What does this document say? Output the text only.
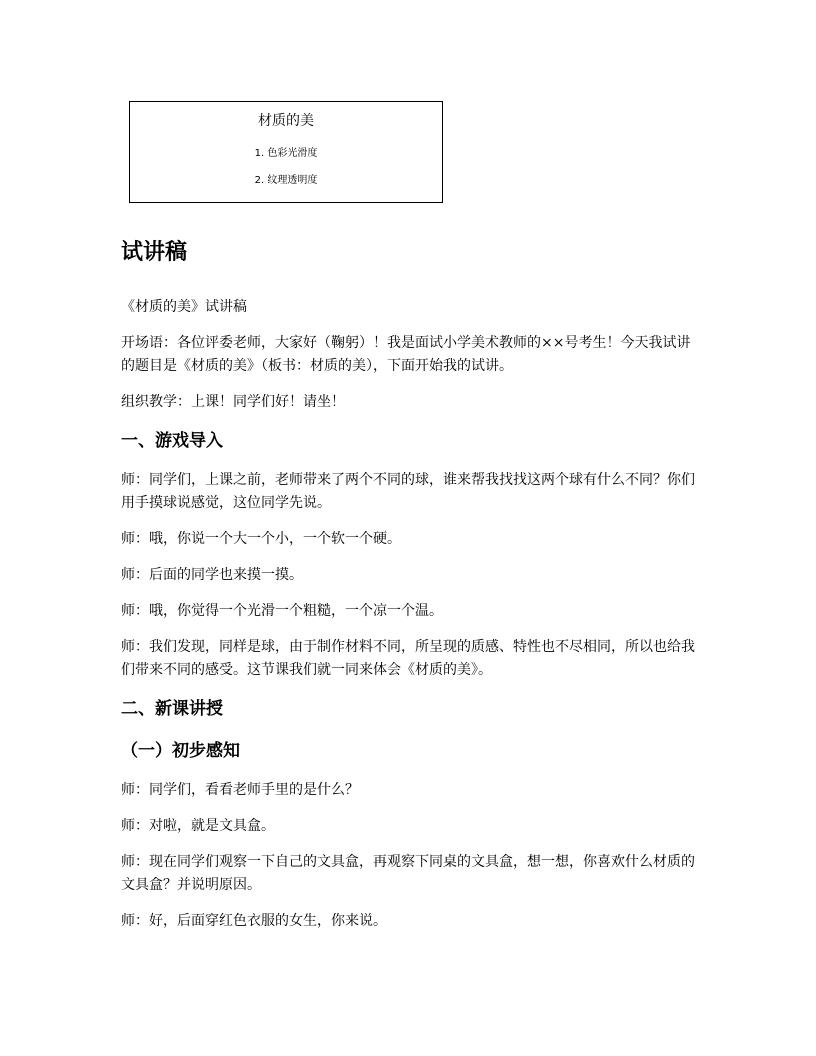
材质的美
1. 色彩光滑度
2. 纹理透明度
试讲稿

《材质的美》试讲稿

开场语：各位评委老师，大家好（鞠躬）！我是面试小学美术教师的××号考生！今天我试讲的题目是《材质的美》（板书：材质的美），下面开始我的试讲。

组织教学：上课！同学们好！请坐！

一、游戏导入

师：同学们，上课之前，老师带来了两个不同的球，谁来帮我找找这两个球有什么不同？你们用手摸球说感觉，这位同学先说。

师：哦，你说一个大一个小，一个软一个硬。

师：后面的同学也来摸一摸。

师：哦，你觉得一个光滑一个粗糙，一个凉一个温。

师：我们发现，同样是球，由于制作材料不同，所呈现的质感、特性也不尽相同，所以也给我们带来不同的感受。这节课我们就一同来体会《材质的美》。

二、新课讲授
（一）初步感知

师：同学们，看看老师手里的是什么？

师：对啦，就是文具盒。

师：现在同学们观察一下自己的文具盒，再观察下同桌的文具盒，想一想，你喜欢什么材质的文具盒？并说明原因。

师：好，后面穿红色衣服的女生，你来说。
